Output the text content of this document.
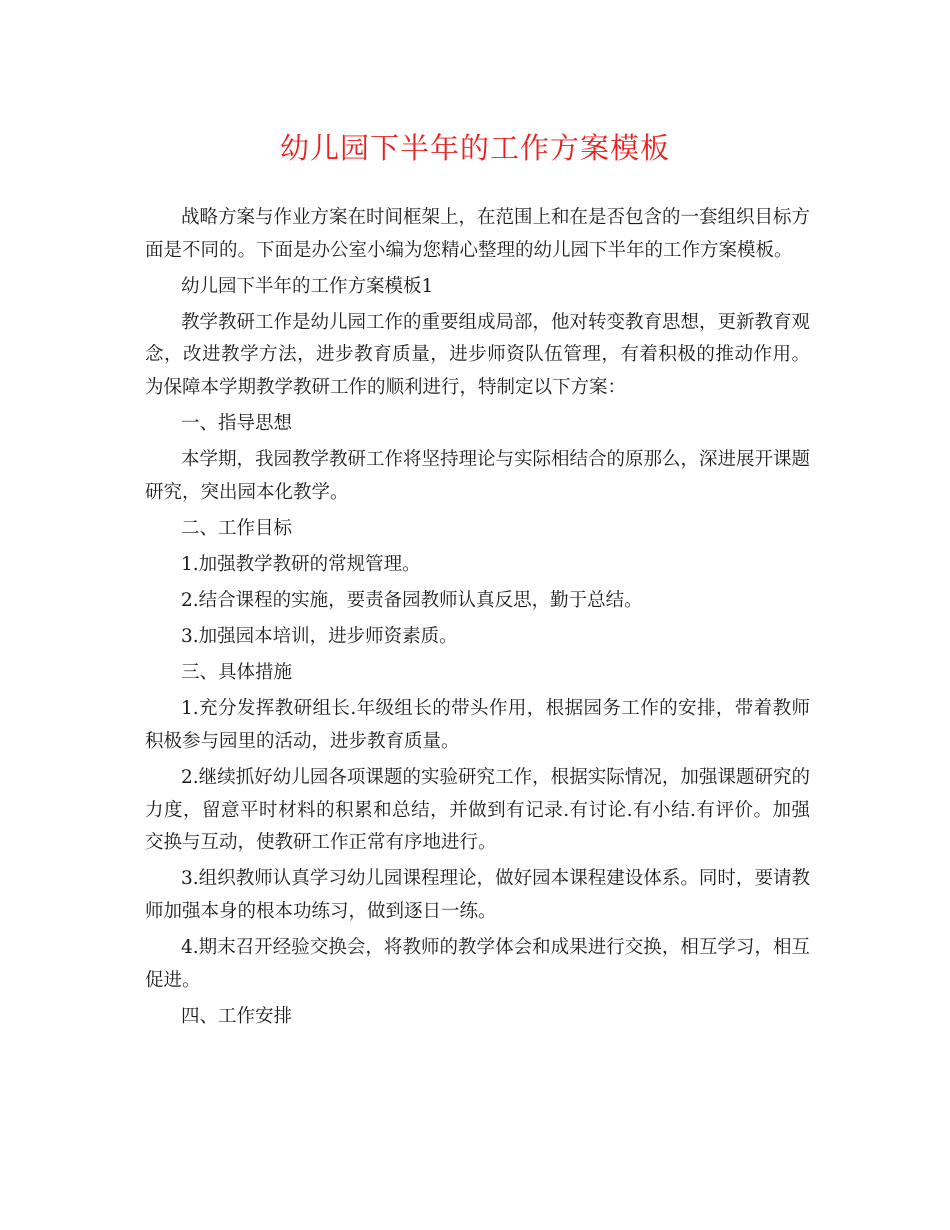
幼儿园下半年的工作方案模板

战略方案与作业方案在时间框架上，在范围上和在是否包含的一套组织目标方面是不同的。下面是办公室小编为您精心整理的幼儿园下半年的工作方案模板。

幼儿园下半年的工作方案模板1

教学教研工作是幼儿园工作的重要组成局部，他对转变教育思想，更新教育观念，改进教学方法，进步教育质量，进步师资队伍管理，有着积极的推动作用。为保障本学期教学教研工作的顺利进行，特制定以下方案：

一、指导思想

本学期，我园教学教研工作将坚持理论与实际相结合的原那么，深进展开课题研究，突出园本化教学。

二、工作目标

1.加强教学教研的常规管理。

2.结合课程的实施，要责备园教师认真反思，勤于总结。

3.加强园本培训，进步师资素质。

三、具体措施

1.充分发挥教研组长.年级组长的带头作用，根据园务工作的安排，带着教师积极参与园里的活动，进步教育质量。

2.继续抓好幼儿园各项课题的实验研究工作，根据实际情况，加强课题研究的力度，留意平时材料的积累和总结，并做到有记录.有讨论.有小结.有评价。加强交换与互动，使教研工作正常有序地进行。

3.组织教师认真学习幼儿园课程理论，做好园本课程建设体系。同时，要请教师加强本身的根本功练习，做到逐日一练。

4.期末召开经验交换会，将教师的教学体会和成果进行交换，相互学习，相互促进。

四、工作安排
